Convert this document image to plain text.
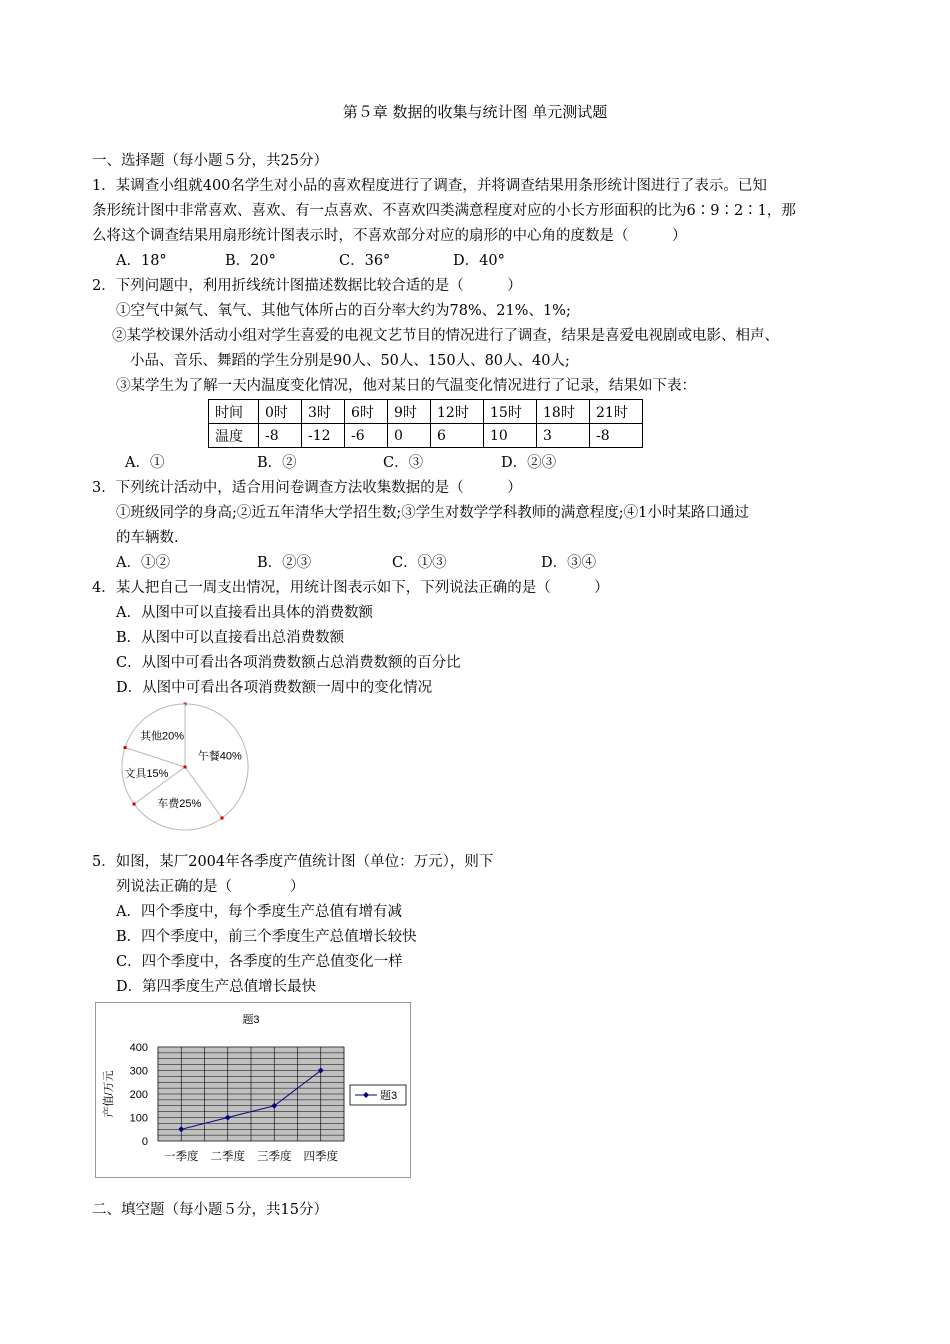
第５章 数据的收集与统计图 单元测试题
一、选择题（每小题５分，共25分）
1．某调查小组就400名学生对小品的喜欢程度进行了调查，并将调查结果用条形统计图进行了表示。已知
条形统计图中非常喜欢、喜欢、有一点喜欢、不喜欢四类满意程度对应的小长方形面积的比为6∶9∶2∶1，那
么将这个调查结果用扇形统计图表示时，不喜欢部分对应的扇形的中心角的度数是（　　　）
A．18°	B．20°	C．36°	D．40°
2．下列问题中，利用折线统计图描述数据比较合适的是（　　　）
①空气中氮气、氧气、其他气体所占的百分率大约为78%、21%、1%;
②某学校课外活动小组对学生喜爱的电视文艺节目的情况进行了调查，结果是喜爱电视剧或电影、相声、
小品、音乐、舞蹈的学生分别是90人、50人、150人、80人、40人;
③某学生为了解一天内温度变化情况，他对某日的气温变化情况进行了记录，结果如下表：
时间	0时	3时	6时	9时	12时	15时	18时	21时
温度	-8	-12	-6	0	6	10	3	-8
A．①	B．②	C．③	D．②③
3．下列统计活动中，适合用问卷调查方法收集数据的是（　　　）
①班级同学的身高;②近五年清华大学招生数;③学生对数学学科教师的满意程度;④1小时某路口通过
的车辆数.
A．①②	B．②③	C．①③	D．③④
4．某人把自己一周支出情况，用统计图表示如下，下列说法正确的是（　　　）
A．从图中可以直接看出具体的消费数额
B．从图中可以直接看出总消费数额
C．从图中可看出各项消费数额占总消费数额的百分比
D．从图中可看出各项消费数额一周中的变化情况
午餐40%
车费25%
文具15%
其他20%
5．如图，某厂2004年各季度产值统计图（单位：万元），则下
列说法正确的是（　　　　）
A．四个季度中，每个季度生产总值有增有减
B．四个季度中，前三个季度生产总值增长较快
C．四个季度中，各季度的生产总值变化一样
D．第四季度生产总值增长最快
题3
0
100
200
300
400
产值/万元
一季度 二季度 三季度 四季度
题3
二、填空题（每小题５分，共15分）
